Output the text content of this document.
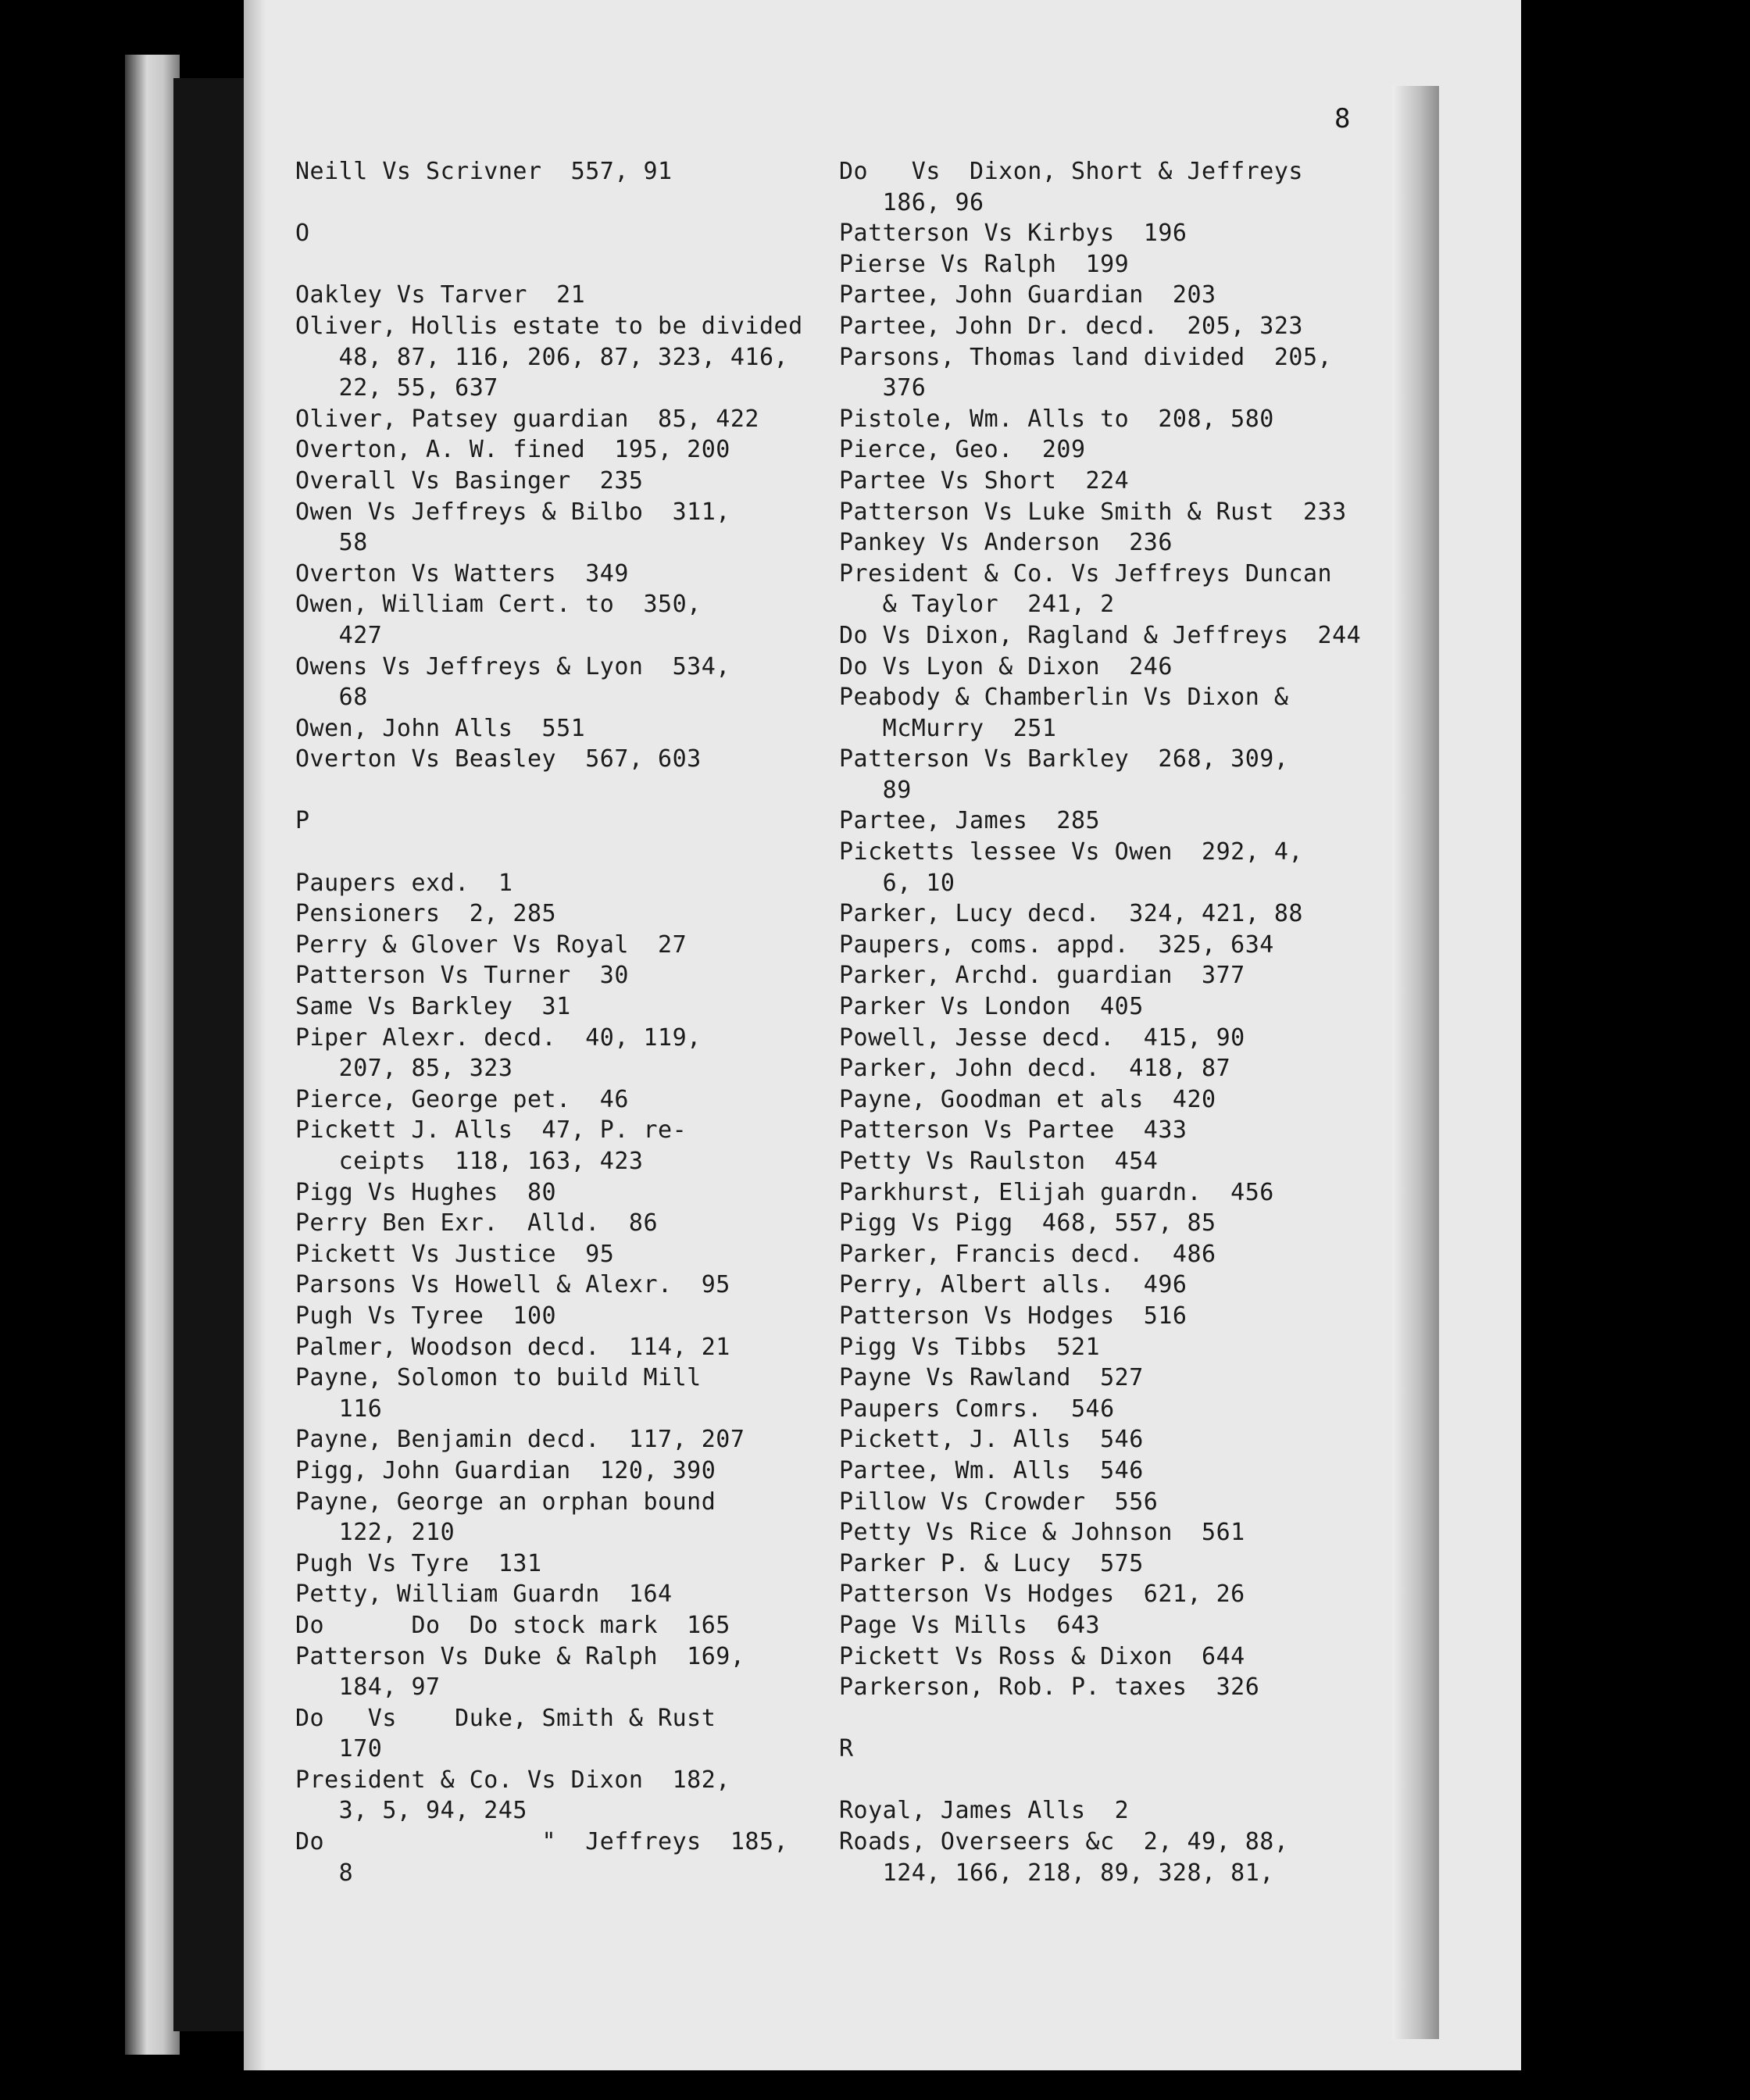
8
Neill Vs Scrivner  557, 91
O
Oakley Vs Tarver  21
Oliver, Hollis estate to be divided
48, 87, 116, 206, 87, 323, 416,
22, 55, 637
Oliver, Patsey guardian  85, 422
Overton, A. W. fined  195, 200
Overall Vs Basinger  235
Owen Vs Jeffreys & Bilbo  311,
58
Overton Vs Watters  349
Owen, William Cert. to  350,
427
Owens Vs Jeffreys & Lyon  534,
68
Owen, John Alls  551
Overton Vs Beasley  567, 603
P
Paupers exd.  1
Pensioners  2, 285
Perry & Glover Vs Royal  27
Patterson Vs Turner  30
Same Vs Barkley  31
Piper Alexr. decd.  40, 119,
207, 85, 323
Pierce, George pet.  46
Pickett J. Alls  47, P. re-
ceipts  118, 163, 423
Pigg Vs Hughes  80
Perry Ben Exr.  Alld.  86
Pickett Vs Justice  95
Parsons Vs Howell & Alexr.  95
Pugh Vs Tyree  100
Palmer, Woodson decd.  114, 21
Payne, Solomon to build Mill
116
Payne, Benjamin decd.  117, 207
Pigg, John Guardian  120, 390
Payne, George an orphan bound
122, 210
Pugh Vs Tyre  131
Petty, William Guardn  164
Do      Do  Do stock mark  165
Patterson Vs Duke & Ralph  169,
184, 97
Do   Vs    Duke, Smith & Rust
170
President & Co. Vs Dixon  182,
3, 5, 94, 245
Do               "  Jeffreys  185,
8
Do   Vs  Dixon, Short & Jeffreys
186, 96
Patterson Vs Kirbys  196
Pierse Vs Ralph  199
Partee, John Guardian  203
Partee, John Dr. decd.  205, 323
Parsons, Thomas land divided  205,
376
Pistole, Wm. Alls to  208, 580
Pierce, Geo.  209
Partee Vs Short  224
Patterson Vs Luke Smith & Rust  233
Pankey Vs Anderson  236
President & Co. Vs Jeffreys Duncan
& Taylor  241, 2
Do Vs Dixon, Ragland & Jeffreys  244
Do Vs Lyon & Dixon  246
Peabody & Chamberlin Vs Dixon &
McMurry  251
Patterson Vs Barkley  268, 309,
89
Partee, James  285
Picketts lessee Vs Owen  292, 4,
6, 10
Parker, Lucy decd.  324, 421, 88
Paupers, coms. appd.  325, 634
Parker, Archd. guardian  377
Parker Vs London  405
Powell, Jesse decd.  415, 90
Parker, John decd.  418, 87
Payne, Goodman et als  420
Patterson Vs Partee  433
Petty Vs Raulston  454
Parkhurst, Elijah guardn.  456
Pigg Vs Pigg  468, 557, 85
Parker, Francis decd.  486
Perry, Albert alls.  496
Patterson Vs Hodges  516
Pigg Vs Tibbs  521
Payne Vs Rawland  527
Paupers Comrs.  546
Pickett, J. Alls  546
Partee, Wm. Alls  546
Pillow Vs Crowder  556
Petty Vs Rice & Johnson  561
Parker P. & Lucy  575
Patterson Vs Hodges  621, 26
Page Vs Mills  643
Pickett Vs Ross & Dixon  644
Parkerson, Rob. P. taxes  326
R
Royal, James Alls  2
Roads, Overseers &c  2, 49, 88,
124, 166, 218, 89, 328, 81,
